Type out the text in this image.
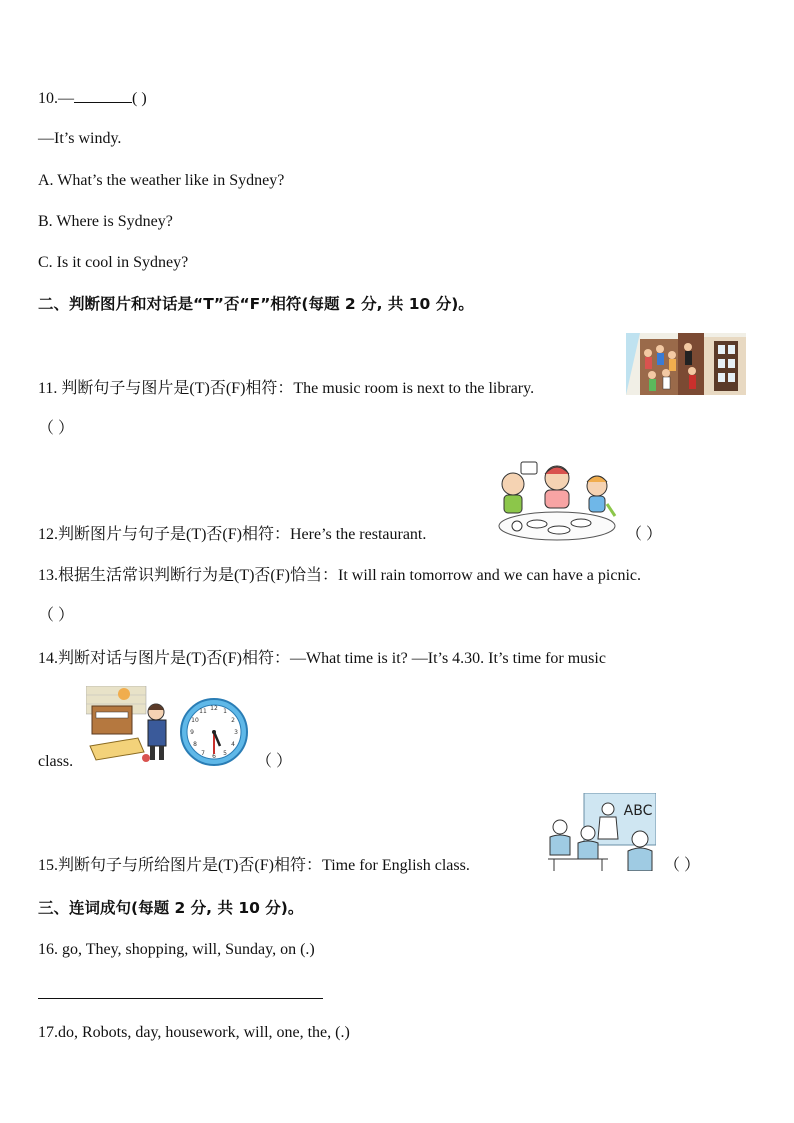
10.—	( )
—It’s windy.
A. What’s the weather like in Sydney?
B. Where is Sydney?
C. Is it cool in Sydney?
二、判断图片和对话是“T”否“F”相符(每题 2 分, 共 10 分)。
11. 判断句子与图片是(T)否(F)相符：The music room is next to the library.
（ ）
12.判断图片与句子是(T)否(F)相符：Here’s the restaurant.	（ ）
13.根据生活常识判断行为是(T)否(F)恰当：It will rain tomorrow and we can have a picnic.
（ ）
14.判断对话与图片是(T)否(F)相符：—What time is it? —It’s 4.30. It’s time for music
12 1
2
3
4
5
6
7
8
9
10
11
class.	（ ）
15.判断句子与所给图片是(T)否(F)相符：Time for English class.
ABC
（ ）
三、连词成句(每题 2 分, 共 10 分)。
16. go, They, shopping, will, Sunday, on (.)
17.do, Robots, day, housework, will, one, the, (.)
